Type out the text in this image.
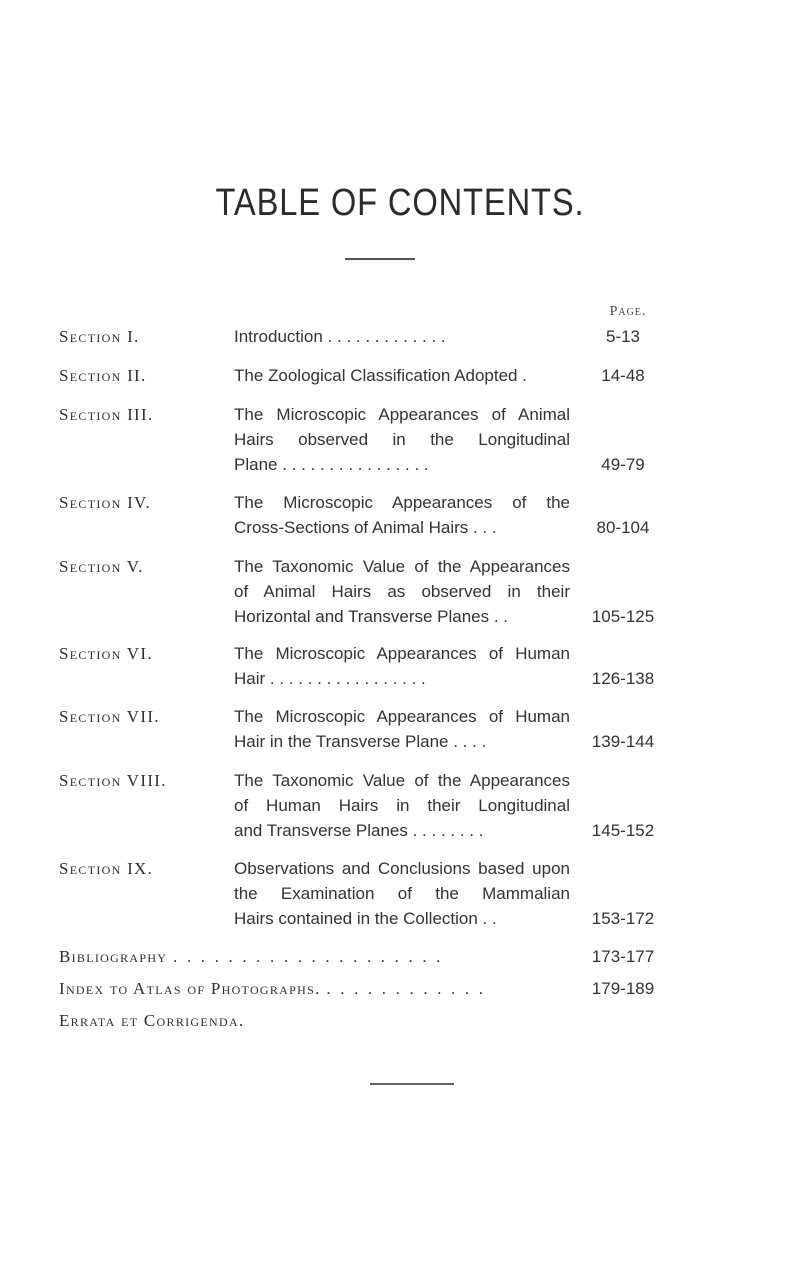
TABLE OF CONTENTS.
Page.
Section I.	Introduction . . . . . . . . . . . . .	5-13
Section II.	The Zoological Classification Adopted .	14-48
Section III.	The Microscopic Appearances of Animal
Hairs observed in the Longitudinal
Plane . . . . . . . . . . . . . . . .	49-79
Section IV.	The Microscopic Appearances of the
Cross-Sections of Animal Hairs . . .	80-104
Section V.	The Taxonomic Value of the Appearances
of Animal Hairs as observed in their
Horizontal and Transverse Planes . .	105-125
Section VI.	The Microscopic Appearances of Human
Hair . . . . . . . . . . . . . . . . .	126-138
Section VII.	The Microscopic Appearances of Human
Hair in the Transverse Plane . . . .	139-144
Section VIII.	The Taxonomic Value of the Appearances
of Human Hairs in their Longitudinal
and Transverse Planes . . . . . . . .	145-152
Section IX.	Observations and Conclusions based upon
the Examination of the Mammalian
Hairs contained in the Collection . .	153-172
Bibliography . . . . . . . . . . . . . . . . . . . .	173-177
Index to Atlas of Photographs. . . . . . . . . . . . .	179-189
Errata et Corrigenda.
